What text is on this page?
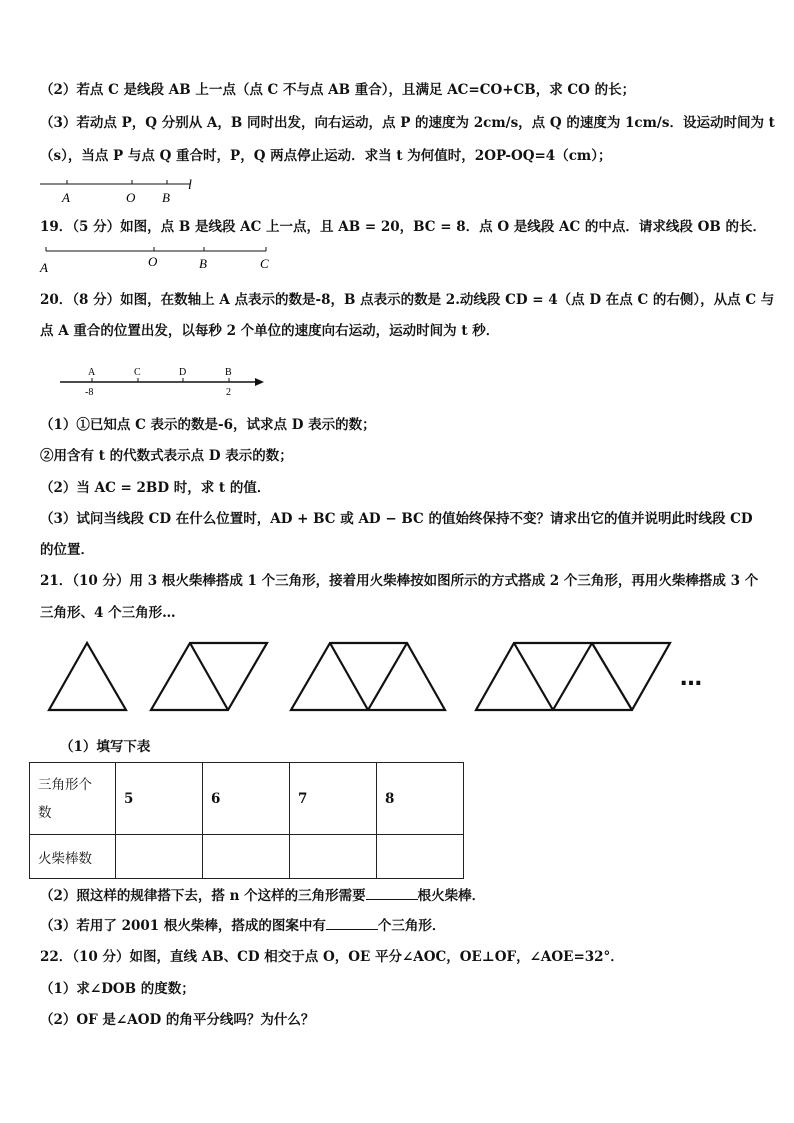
（2）若点 C 是线段 AB 上一点（点 C 不与点 AB 重合），且满足 AC=CO+CB，求 CO 的长；
（3）若动点 P，Q 分别从 A，B 同时出发，向右运动，点 P 的速度为 2cm/s，点 Q 的速度为 1cm/s．设运动时间为 t
（s），当点 P 与点 Q 重合时，P，Q 两点停止运动．求当 t 为何值时，2OP-OQ=4（cm）；
A	O B
l
19．（5 分）如图，点 B 是线段 AC 上一点，且 AB = 20，BC = 8．点 O 是线段 AC 的中点．请求线段 OB 的长．
A	O	B	C
20．（8 分）如图，在数轴上 A 点表示的数是-8，B 点表示的数是 2.动线段 CD = 4（点 D 在点 C 的右侧），从点 C 与
点 A 重合的位置出发，以每秒 2 个单位的速度向右运动，运动时间为 t 秒．
A	C	D	B
-8	2
（1）①已知点 C 表示的数是-6，试求点 D 表示的数；
②用含有 t 的代数式表示点 D 表示的数；
（2）当 AC = 2BD 时，求 t 的值．
（3）试问当线段 CD 在什么位置时，AD + BC 或 AD − BC 的值始终保持不变？请求出它的值并说明此时线段 CD
的位置．
21．（10 分）用 3 根火柴棒搭成 1 个三角形，接着用火柴棒按如图所示的方式搭成 2 个三角形，再用火柴棒搭成 3 个
三角形、4 个三角形…
…
（1）填写下表
三角形个
数	5	6	7	8
火柴棒数				
（2）照这样的规律搭下去，搭 n 个这样的三角形需要	根火柴棒．
（3）若用了 2001 根火柴棒，搭成的图案中有	个三角形．
22．（10 分）如图，直线 AB、CD 相交于点 O，OE 平分∠AOC，OE⊥OF，∠AOE=32°．
（1）求∠DOB 的度数；
（2）OF 是∠AOD 的角平分线吗？为什么？
